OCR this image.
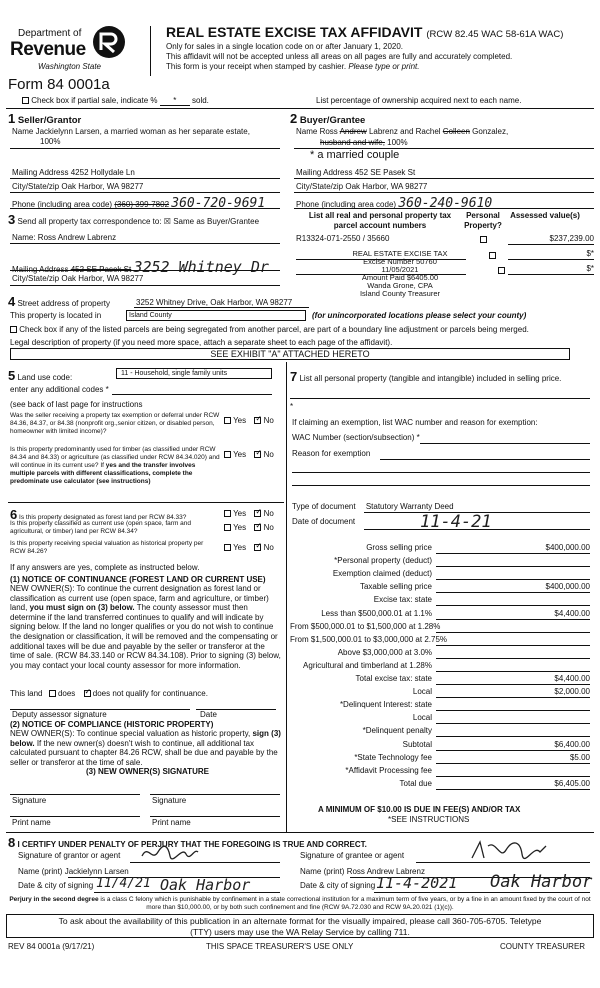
Department of
Revenue
Washington State
Form 84 0001a
REAL ESTATE EXCISE TAX AFFIDAVIT (RCW 82.45 WAC 58-61A WAC)
Only for sales in a single location code on or after January 1, 2020.
This affidavit will not be accepted unless all areas on all pages are fully and accurately completed.
This form is your receipt when stamped by cashier. Please type or print.
Check box if partial sale, indicate % * sold.	List percentage of ownership acquired next to each name.
1 Seller/Grantor
Name Jackielynn Larsen, a married woman as her separate estate,
100%
Mailing Address 4252 Hollydale Ln
City/State/zip Oak Harbor, WA 98277
Phone (including area code) (360) 399-7802 360-720-9691
2 Buyer/Grantee
Name Ross Andrew Labrenz and Rachel Colleen Gonzalez,
husband and wife, 100%
* a married couple
Mailing Address 452 SE Pasek St
City/State/zip Oak Harbor, WA 98277
Phone (including area code) 360-240-9610
3 Send all property tax correspondence to: ☒ Same as Buyer/Grantee
Name: Ross Andrew Labrenz
Mailing Address 452 SE Pasek St 3252 Whitney Dr
City/State/zip Oak Harbor, WA 98277
List all real and personal property tax parcel account numbers
Personal Property?
Assessed value(s)
R13324-071-2550 / 35660
	$237,239.00

$*
$*
REAL ESTATE EXCISE TAX
Excise Number 50760
11/05/2021
Amount Paid $6405.00
Wanda Grone, CPA
Island County Treasurer
4 Street address of property	3252 Whitney Drive, Oak Harbor, WA 98277
This property is located in	Island County	(for unincorporated locations please select your county)
Check box if any of the listed parcels are being segregated from another parcel, are part of a boundary line adjustment or parcels being merged.
Legal description of property (if you need more space, attach a separate sheet to each page of the affidavit).
SEE EXHIBIT "A" ATTACHED HERETO
5 Land use code:	11 - Household, single family units
enter any additional codes *
(see back of last page for instructions
Was the seller receiving a property tax exemption or deferral under RCW 84.36, 84.37, or 84.38 (nonprofit org.,senior citizen, or disabled person, homeowner with limited income)?
Yes ✓ No
Is this property predominantly used for timber (as classified under RCW 84.34 and 84.33) or agriculture (as classified under RCW 84.34.020) and will continue in its current use? If yes and the transfer involves multiple parcels with different classifications, complete the predominate use calculator (see instructions)
Yes ✓ No
6 Is this property designated as forest land per RCW 84.33?	Yes ✓ No
Is this property classified as current use (open space, farm and agricultural, or timber) land per RCW 84.34?	Yes ✓ No
Is this property receiving special valuation as historical property per RCW 84.26?	Yes ✓ No
If any answers are yes, complete as instructed below.
(1) NOTICE OF CONTINUANCE (FOREST LAND OR CURRENT USE)
NEW OWNER(S): To continue the current designation as forest land or classification as current use (open space, farm and agriculture, or timber) land, you must sign on (3) below. The county assessor must then determine if the land transferred continues to qualify and will indicate by signing below. If the land no longer qualifies or you do not wish to continue the designation or classification, it will be removed and the compensating or additional taxes will be due and payable by the seller or transferor at the time of sale. (RCW 84.33.140 or RCW 84.34.108). Prior to signing (3) below, you may contact your local county assessor for more information.
This land does ✓ does not qualify for continuance.
Deputy assessor signature	Date
(2) NOTICE OF COMPLIANCE (HISTORIC PROPERTY)
NEW OWNER(S): To continue special valuation as historic property, sign (3) below. If the new owner(s) doesn't wish to continue, all additional tax calculated pursuant to chapter 84.26 RCW, shall be due and payable by the seller or transferor at the time of sale.
(3) NEW OWNER(S) SIGNATURE
Signature	Signature
Print name	Print name
7 List all personal property (tangible and intangible) included in selling price.
*
If claiming an exemption, list WAC number and reason for exemption:
WAC Number (section/subsection) *
Reason for exemption
Type of document Statutory Warranty Deed
Date of document	11-4-21
Gross selling price	$400,000.00
*Personal property (deduct)
Exemption claimed (deduct)
Taxable selling price	$400,000.00
Excise tax: state
Less than $500,000.01 at 1.1%	$4,400.00
From $500,000.01 to $1,500,000 at 1.28%
From $1,500,000.01 to $3,000,000 at 2.75%
Above $3,000,000 at 3.0%
Agricultural and timberland at 1.28%
Total excise tax: state	$4,400.00
Local	$2,000.00
*Delinquent Interest: state
Local
*Delinquent penalty
Subtotal	$6,400.00
*State Technology fee	$5.00
*Affidavit Processing fee
Total due	$6,405.00
A MINIMUM OF $10.00 IS DUE IN FEE(S) AND/OR TAX
*SEE INSTRUCTIONS
8 I CERTIFY UNDER PENALTY OF PERJURY THAT THE FOREGOING IS TRUE AND CORRECT.
Signature of grantor or agent
Name (print) Jackielynn Larsen
Date & city of signing 11/4/21 Oak Harbor
Signature of grantee or agent
Name (print) Ross Andrew Labrenz
Date & city of signing 11-4-2021 Oak Harbor
Perjury in the second degree is a class C felony which is punishable by confinement in a state correctional institution for a maximum term of five years, or by a fine in an amount fixed by the court of not more than $10,000.00, or by both such confinement and fine (RCW 9A.72.030 and RCW 9A.20.021 (1)(c)).
To ask about the availability of this publication in an alternate format for the visually impaired, please call 360-705-6705. Teletype
(TTY) users may use the WA Relay Service by calling 711.
REV 84 0001a (9/17/21)	THIS SPACE TREASURER'S USE ONLY	COUNTY TREASURER
